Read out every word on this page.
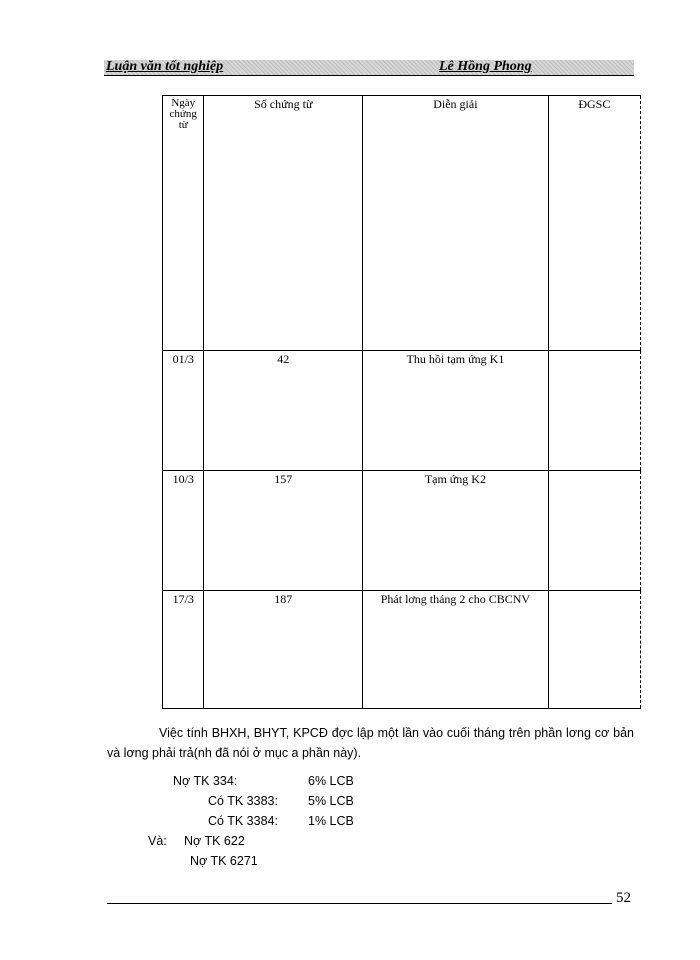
Luận văn tốt nghiệp	Lê Hồng Phong
Ngày chứng từ	Số chứng từ	Diễn giải	ĐGSC
01/3	42	Thu hồi tạm ứng K1	
10/3	157	Tạm ứng K2	
17/3	187	Phát lơng tháng 2 cho CBCNV	
Việc tính BHXH, BHYT, KPCĐ đợc lập một lần vào cuối tháng trên phần lơng cơ bản và lơng phải trả(nh đã nói ở mục a phần này).
Nợ TK 334:	6% LCB
Có TK 3383: 5% LCB
Có TK 3384: 1% LCB
Và: Nợ TK 622
Nợ TK 6271
52
